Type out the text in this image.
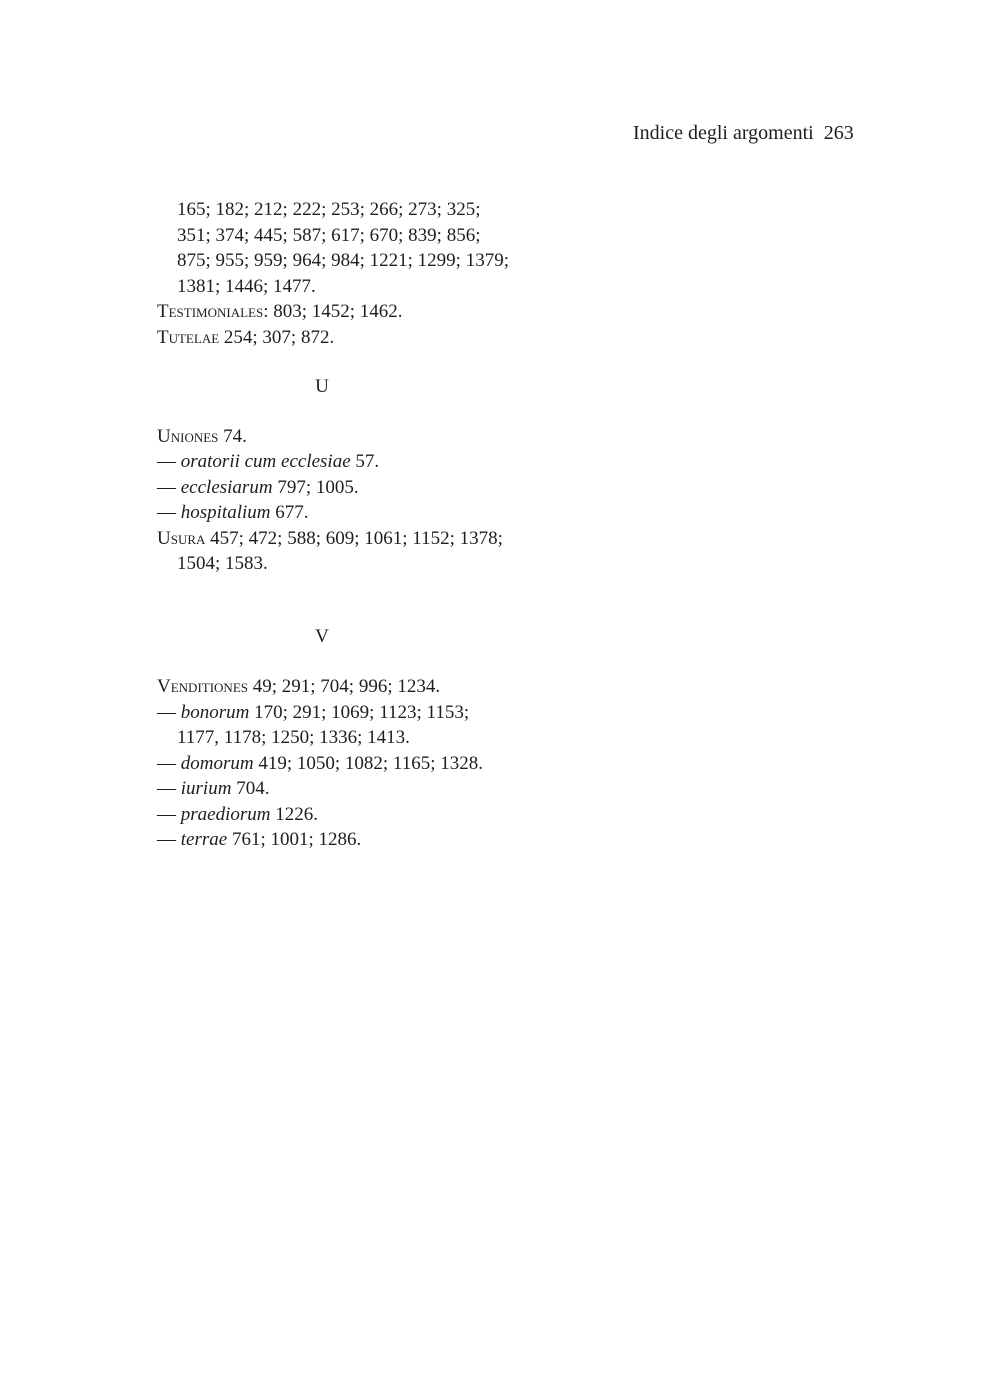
Indice degli argomenti 263
165; 182; 212; 222; 253; 266; 273; 325;
351; 374; 445; 587; 617; 670; 839; 856;
875; 955; 959; 964; 984; 1221; 1299; 1379;
1381; 1446; 1477.
Testimoniales: 803; 1452; 1462.
Tutelae 254; 307; 872.
U
Uniones 74.
— oratorii cum ecclesiae 57.
— ecclesiarum 797; 1005.
— hospitalium 677.
Usura 457; 472; 588; 609; 1061; 1152; 1378;
1504; 1583.
V
Venditiones 49; 291; 704; 996; 1234.
— bonorum 170; 291; 1069; 1123; 1153;
1177, 1178; 1250; 1336; 1413.
— domorum 419; 1050; 1082; 1165; 1328.
— iurium 704.
— praediorum 1226.
— terrae 761; 1001; 1286.
